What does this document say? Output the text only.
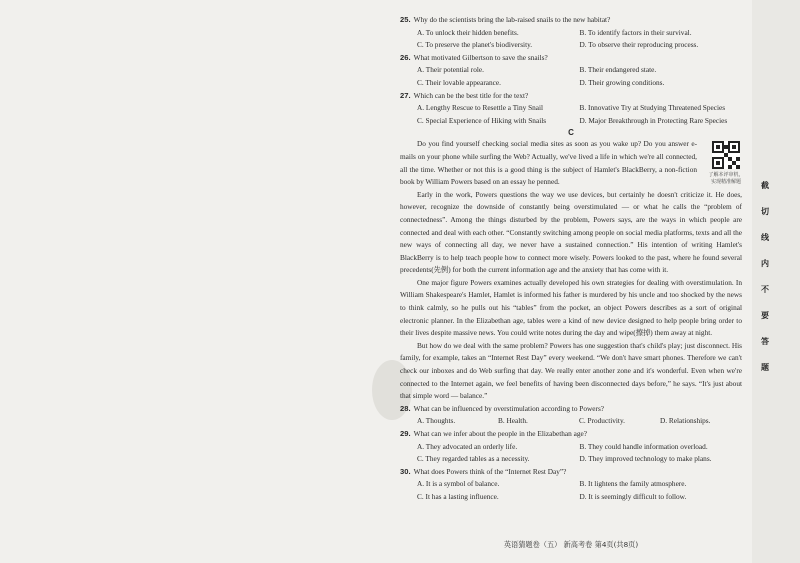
25. Why do the scientists bring the lab-raised snails to the new habitat?
A. To unlock their hidden benefits.	B. To identify factors in their survival.
C. To preserve the planet's biodiversity.	D. To observe their reproducing process.
26. What motivated Gilbertson to save the snails?
A. Their potential role.	B. Their endangered state.
C. Their lovable appearance.	D. Their growing conditions.
27. Which can be the best title for the text?
A. Lengthy Rescue to Resettle a Tiny Snail	B. Innovative Try at Studying Threatened Species
C. Special Experience of Hiking with Snails	D. Major Breakthrough in Protecting Rare Species
C

Do you find yourself checking social media sites as soon as you wake up? Do you answer e-mails on your phone while surfing the Web? Actually, we've lived a life in which we're all connected, all the time. Whether or not this is a good thing is the subject of Hamlet's BlackBerry, a non-fiction book by William Powers based on an essay he penned.

Early in the work, Powers questions the way we use devices, but certainly he doesn't criticize it. He does, however, recognize the downside of constantly being overstimulated — or what he calls the “problem of connectedness”. Among the things disturbed by the problem, Powers says, are the ways in which people are connected and deal with each other. “Constantly switching among people on social media platforms, texts and all the new ways of connecting all day, we never have a sustained connection.” His intention of writing Hamlet's BlackBerry is to help teach people how to connect more wisely. Powers looked to the past, where he found several precedents(先例) for both the current information age and the anxiety that has come with it.

One major figure Powers examines actually developed his own strategies for dealing with overstimulation. In William Shakespeare's Hamlet, Hamlet is informed his father is murdered by his uncle and too shocked by the news to think calmly, so he pulls out his “tables” from the pocket, an object Powers describes as a sort of original electronic planner. In the Elizabethan age, tables were a kind of new device designed to help people bring order to their lives despite massive news. You could write notes during the day and wipe(擦掉) them away at night.

But how do we deal with the same problem? Powers has one suggestion that's child's play; just disconnect. His family, for example, takes an “Internet Rest Day” every weekend. “We don't have smart phones. Therefore we can't check our inboxes and do Web surfing that day. We really enter another zone and it's wonderful. Even when we're connected to the Internet again, we feel benefits of having been disconnected days before,” he says. “It's just about that simple word — balance.”

28. What can be influenced by overstimulation according to Powers?
A. Thoughts.	B. Health.	C. Productivity.	D. Relationships.
29. What can we infer about the people in the Elizabethan age?
A. They advocated an orderly life.	B. They could handle information overload.
C. They regarded tables as a necessity.	D. They improved technology to make plans.
30. What does Powers think of the “Internet Rest Day”?
A. It is a symbol of balance.	B. It lightens the family atmosphere.
C. It has a lasting influence.	D. It is seemingly difficult to follow.
了解本评审机，
实现精准解题	截
切
线
内
不
要
答
题
英语猜题卷（五） 新高考卷 第4页(共8页)
